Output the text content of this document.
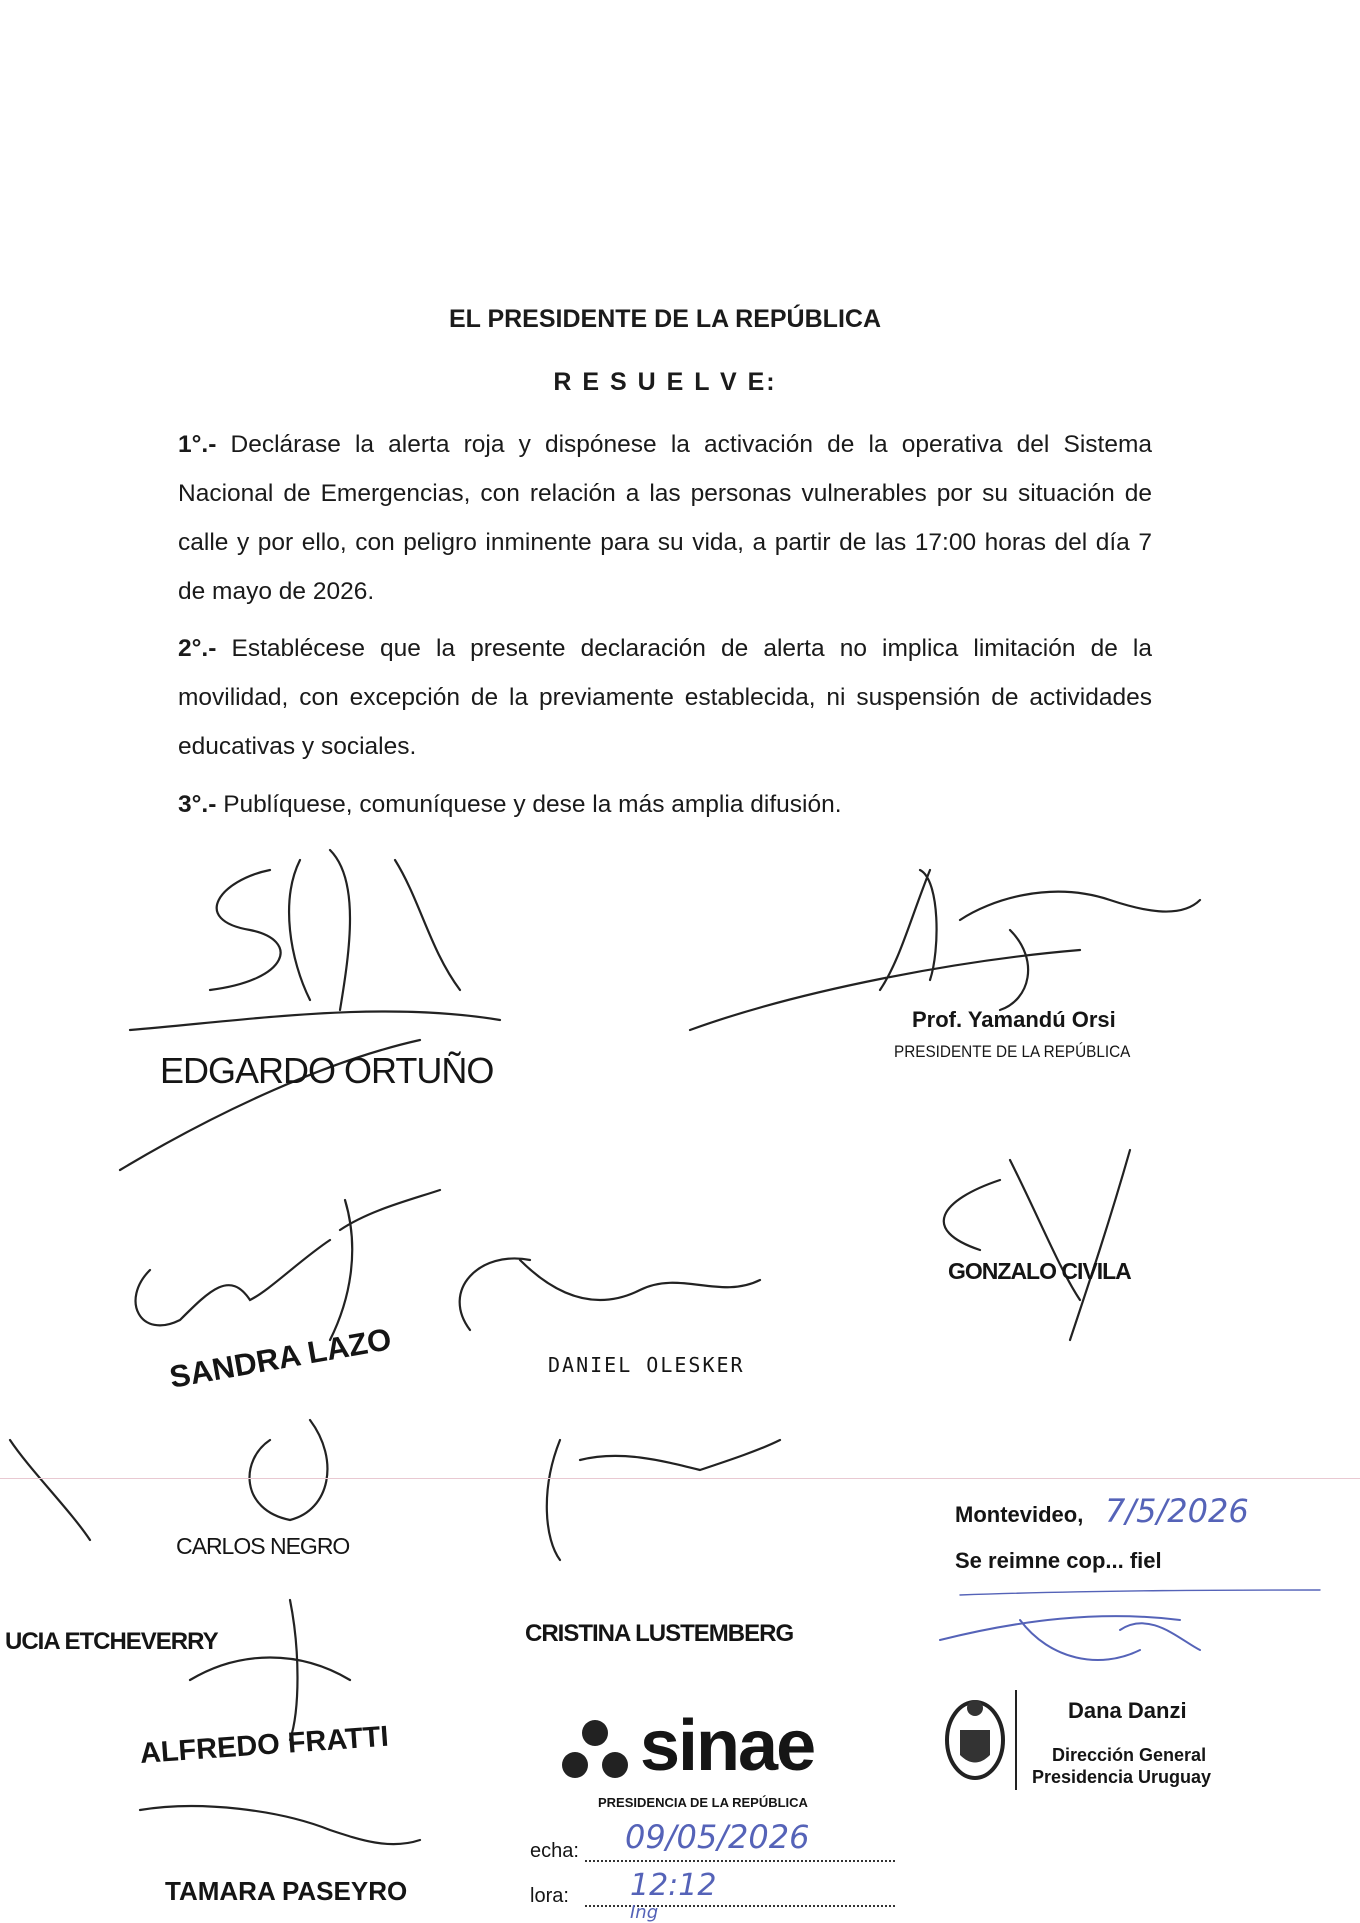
EL PRESIDENTE DE LA REPÚBLICA
R E S U E L V E:
1°.- Declárase la alerta roja y dispónese la activación de la operativa del Sistema Nacional de Emergencias, con relación a las personas vulnerables por su situación de calle y por ello, con peligro inminente para su vida, a partir de las 17:00 horas del día 7 de mayo de 2026.
2°.- Establécese que la presente declaración de alerta no implica limitación de la movilidad, con excepción de la previamente establecida, ni suspensión de actividades educativas y sociales.
3°.- Publíquese, comuníquese y dese la más amplia difusión.
EDGARDO ORTUÑO
Prof. Yamandú Orsi
PRESIDENTE DE LA REPÚBLICA
GONZALO CIVILA
SANDRA LAZO	DANIEL OLESKER
CARLOS NEGRO
UCIA ETCHEVERRY	CRISTINA LUSTEMBERG
ALFREDO FRATTI
TAMARA PASEYRO
Montevideo, 7/5/2026
Se reimne cop... fiel
Dana Danzi
Dirección General
Presidencia Uruguay
sinae
PRESIDENCIA DE LA REPÚBLICA
echa: 09/05/2026
lora: 12:12
Ing
